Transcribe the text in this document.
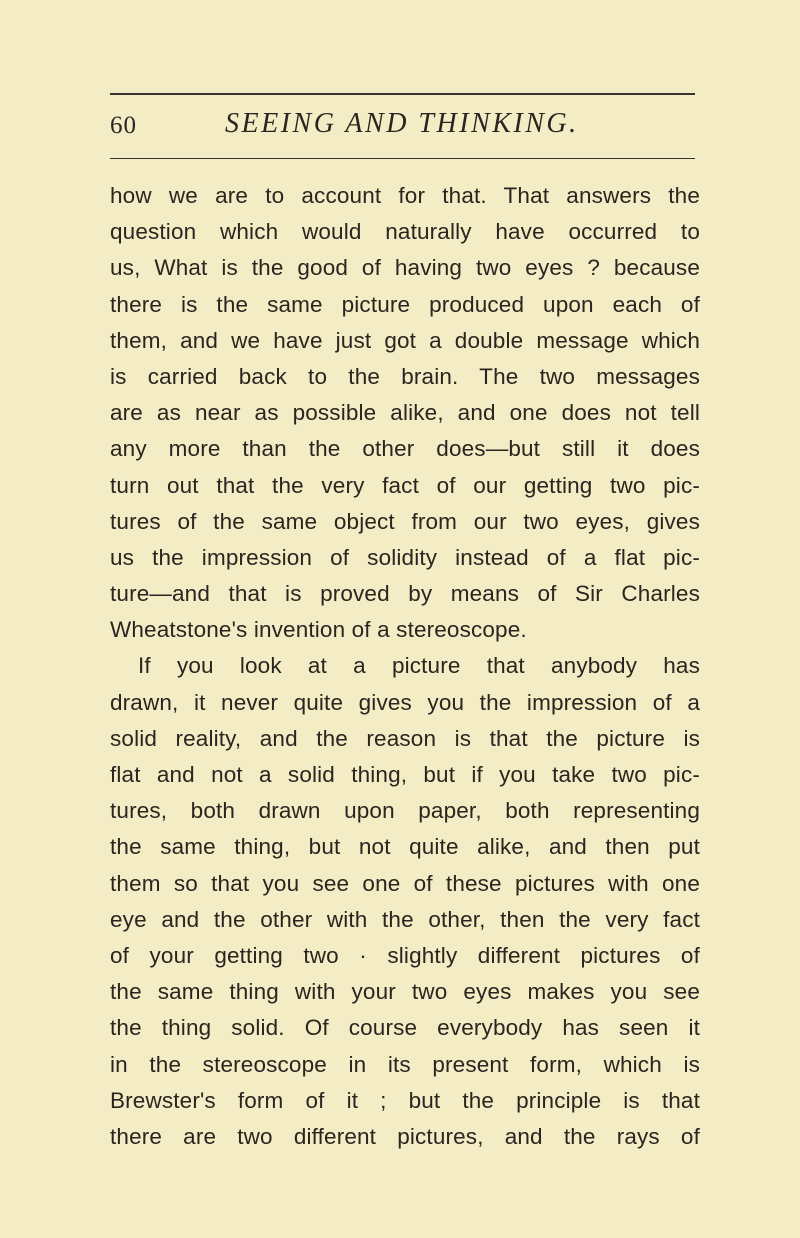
60	SEEING AND THINKING.
how we are to account for that. That answers the
question which would naturally have occurred to
us, What is the good of having two eyes ? because
there is the same picture produced upon each of
them, and we have just got a double message which
is carried back to the brain. The two messages
are as near as possible alike, and one does not tell
any more than the other does—but still it does
turn out that the very fact of our getting two pic-
tures of the same object from our two eyes, gives
us the impression of solidity instead of a flat pic-
ture—and that is proved by means of Sir Charles
Wheatstone's invention of a stereoscope.
If you look at a picture that anybody has
drawn, it never quite gives you the impression of a
solid reality, and the reason is that the picture is
flat and not a solid thing, but if you take two pic-
tures, both drawn upon paper, both representing
the same thing, but not quite alike, and then put
them so that you see one of these pictures with one
eye and the other with the other, then the very fact
of your getting two · slightly different pictures of
the same thing with your two eyes makes you see
the thing solid. Of course everybody has seen it
in the stereoscope in its present form, which is
Brewster's form of it ; but the principle is that
there are two different pictures, and the rays of
